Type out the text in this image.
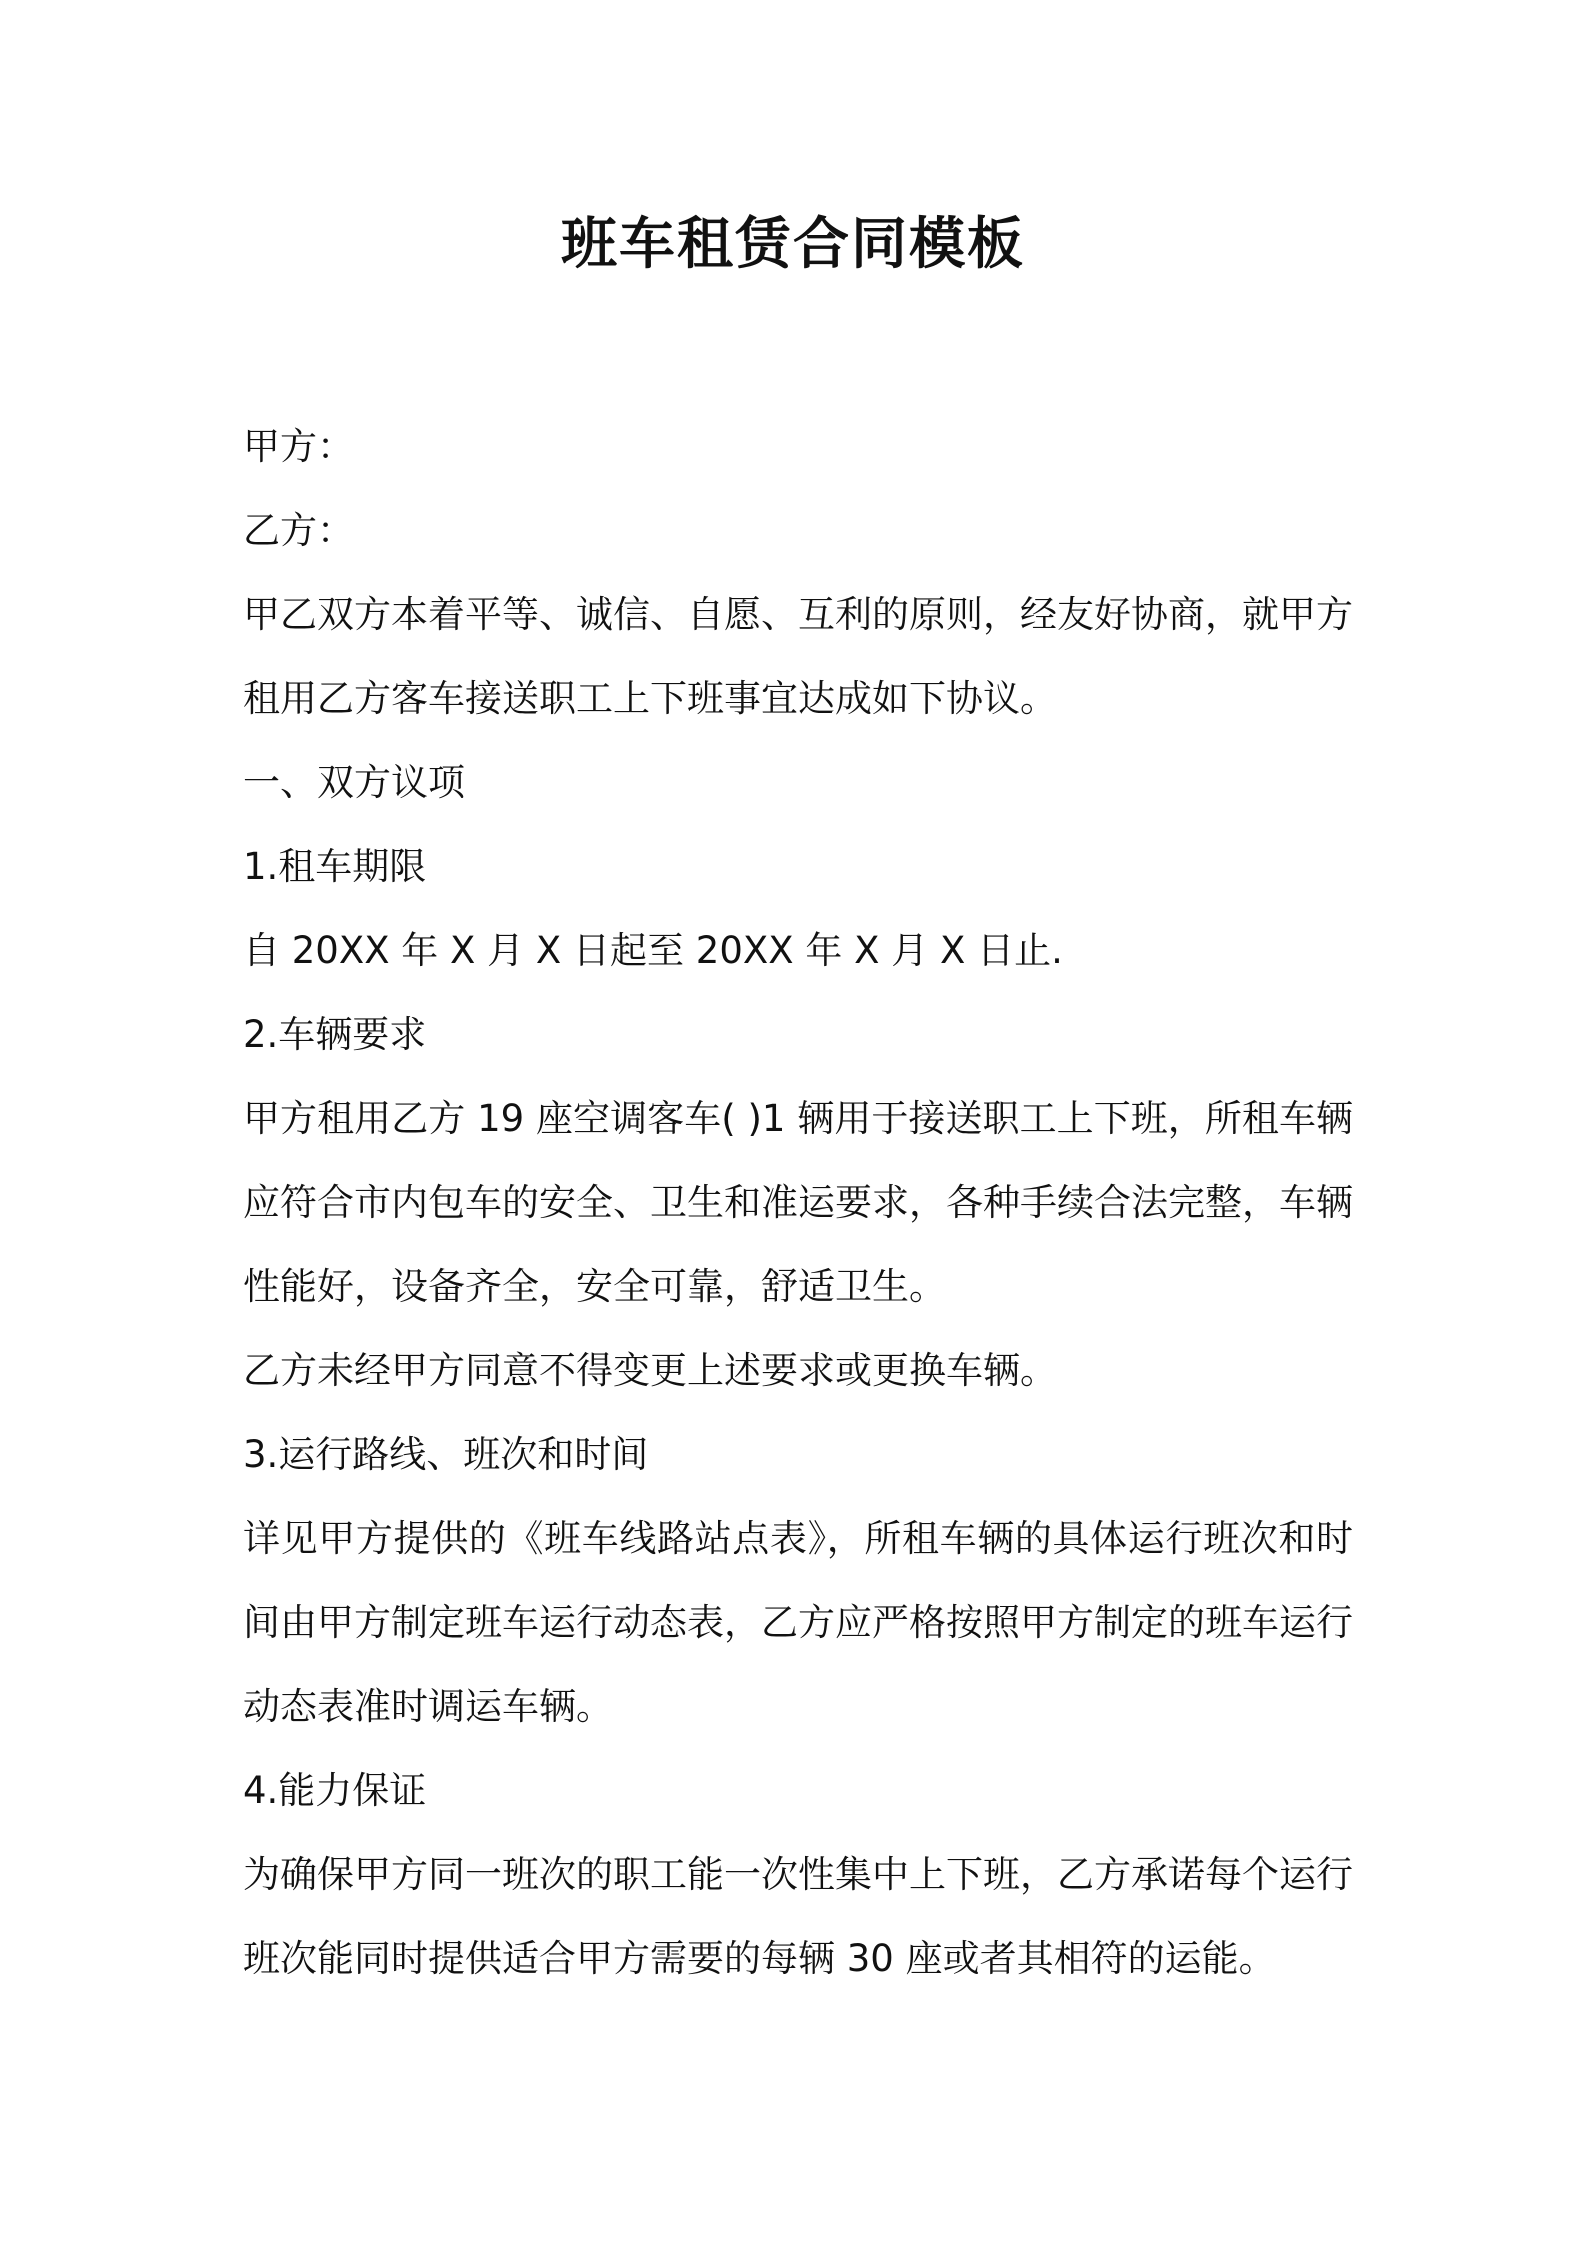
班车租赁合同模板

甲方：

乙方：

甲乙双方本着平等、诚信、自愿、互利的原则，经友好协商，就甲方

租用乙方客车接送职工上下班事宜达成如下协议。

一、双方议项

1.租车期限

自 20XX 年 X 月 X 日起至 20XX 年 X 月 X 日止.

2.车辆要求

甲方租用乙方 19 座空调客车( )1 辆用于接送职工上下班，所租车辆

应符合市内包车的安全、卫生和准运要求，各种手续合法完整，车辆

性能好，设备齐全，安全可靠，舒适卫生。

乙方未经甲方同意不得变更上述要求或更换车辆。

3.运行路线、班次和时间

详见甲方提供的《班车线路站点表》，所租车辆的具体运行班次和时

间由甲方制定班车运行动态表，乙方应严格按照甲方制定的班车运行

动态表准时调运车辆。

4.能力保证

为确保甲方同一班次的职工能一次性集中上下班，乙方承诺每个运行

班次能同时提供适合甲方需要的每辆 30 座或者其相符的运能。
